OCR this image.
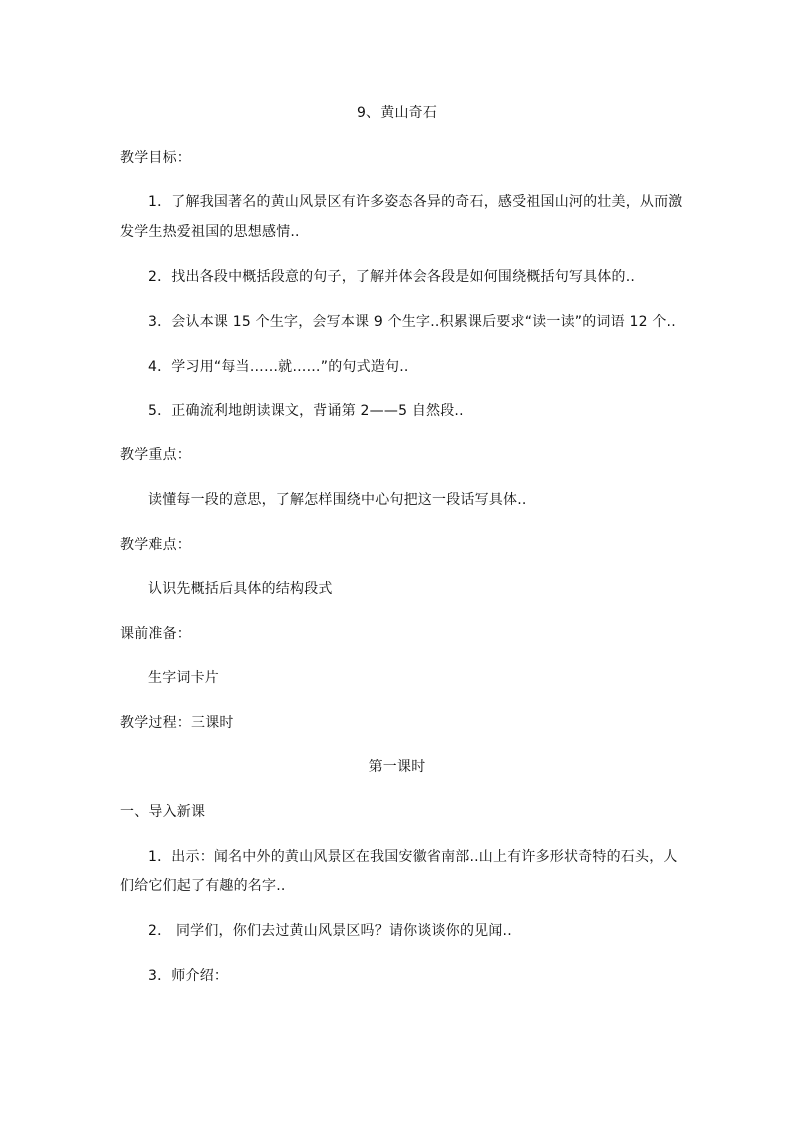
9、黄山奇石
教学目标：
1．了解我国著名的黄山风景区有许多姿态各异的奇石，感受祖国山河的壮美，从而激
发学生热爱祖国的思想感情..
2．找出各段中概括段意的句子，了解并体会各段是如何围绕概括句写具体的..
3．会认本课 15 个生字，会写本课 9 个生字..积累课后要求“读一读”的词语 12 个..
4．学习用“每当……就……”的句式造句..
5．正确流利地朗读课文，背诵第 2——5 自然段..
教学重点：
读懂每一段的意思，了解怎样围绕中心句把这一段话写具体..
教学难点：
认识先概括后具体的结构段式
课前准备：
生字词卡片
教学过程：三课时
第一课时
一、导入新课
1．出示：闻名中外的黄山风景区在我国安徽省南部..山上有许多形状奇特的石头，人
们给它们起了有趣的名字..
2． 同学们，你们去过黄山风景区吗？请你谈谈你的见闻..
3．师介绍：
